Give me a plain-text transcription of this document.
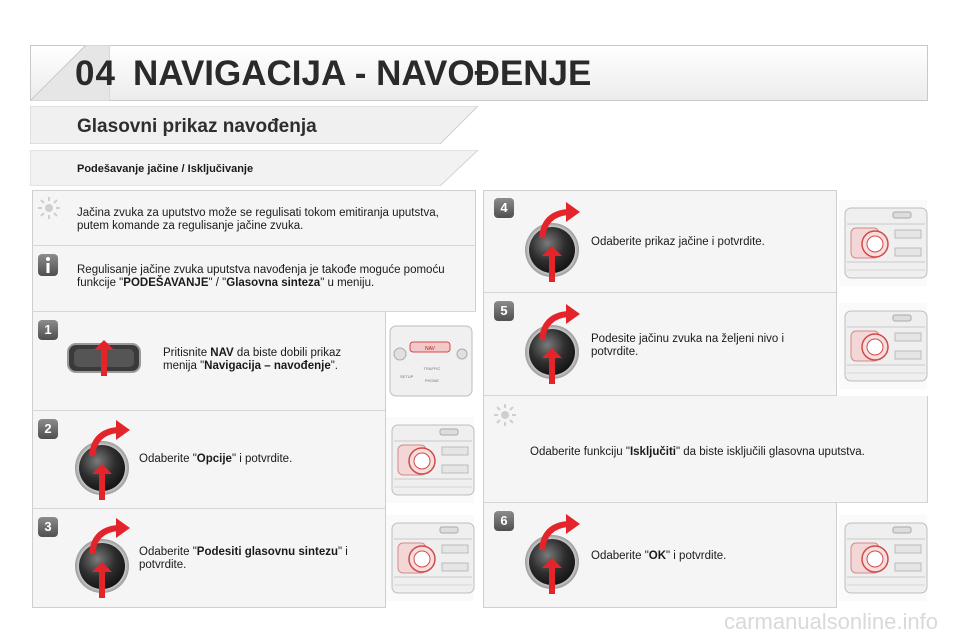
04 NAVIGACIJA - NAVOĐENJE
Glasovni prikaz navođenja
Podešavanje jačine / Isključivanje
Jačina zvuka za uputstvo može se regulisati tokom emitiranja uputstva, putem komande za regulisanje jačine zvuka.
Regulisanje jačine zvuka uputstva navođenja je takođe moguće pomoću funkcije "PODEŠAVANJE" / "Glasovna sinteza" u meniju.
1
Pritisnite NAV da biste dobili prikaz menija "Navigacija – navođenje".
NAV
TRAFFIC
PHONE
SETUP
2
Odaberite "Opcije" i potvrdite.
3
Odaberite "Podesiti glasovnu sintezu" i potvrdite.
4
Odaberite prikaz jačine i potvrdite.
5
Podesite jačinu zvuka na željeni nivo i potvrdite.
Odaberite funkciju "Isključiti" da biste isključili glasovna uputstva.
6
Odaberite "OK" i potvrdite.
carmanualsonline.info
